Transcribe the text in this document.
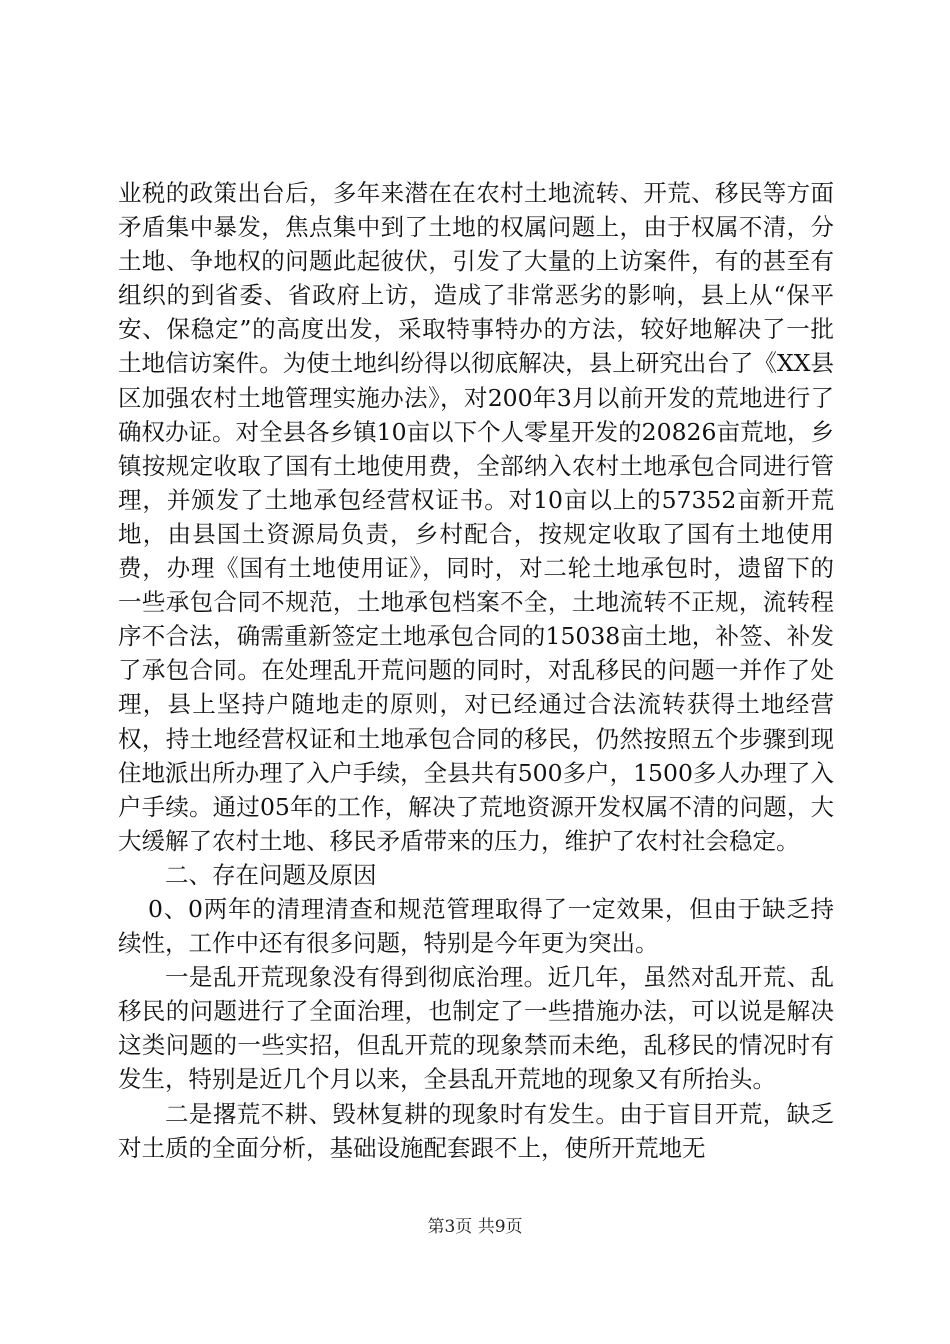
业税的政策出台后，多年来潜在在农村土地流转、开荒、移民等方面矛盾集中暴发，焦点集中到了土地的权属问题上，由于权属不清，分土地、争地权的问题此起彼伏，引发了大量的上访案件，有的甚至有组织的到省委、省政府上访，造成了非常恶劣的影响，县上从“保平安、保稳定”的高度出发，采取特事特办的方法，较好地解决了一批土地信访案件。为使土地纠纷得以彻底解决，县上研究出台了《XX县区加强农村土地管理实施办法》，对200年3月以前开发的荒地进行了确权办证。对全县各乡镇10亩以下个人零星开发的20826亩荒地，乡镇按规定收取了国有土地使用费，全部纳入农村土地承包合同进行管理，并颁发了土地承包经营权证书。对10亩以上的57352亩新开荒地，由县国土资源局负责，乡村配合，按规定收取了国有土地使用费，办理《国有土地使用证》，同时，对二轮土地承包时，遗留下的一些承包合同不规范，土地承包档案不全，土地流转不正规，流转程序不合法，确需重新签定土地承包合同的15038亩土地，补签、补发了承包合同。在处理乱开荒问题的同时，对乱移民的问题一并作了处理，县上坚持户随地走的原则，对已经通过合法流转获得土地经营权，持土地经营权证和土地承包合同的移民，仍然按照五个步骤到现住地派出所办理了入户手续，全县共有500多户，1500多人办理了入户手续。通过05年的工作，解决了荒地资源开发权属不清的问题，大大缓解了农村土地、移民矛盾带来的压力，维护了农村社会稳定。

二、存在问题及原因

0、0两年的清理清查和规范管理取得了一定效果，但由于缺乏持续性，工作中还有很多问题，特别是今年更为突出。

一是乱开荒现象没有得到彻底治理。近几年，虽然对乱开荒、乱移民的问题进行了全面治理，也制定了一些措施办法，可以说是解决这类问题的一些实招，但乱开荒的现象禁而未绝，乱移民的情况时有发生，特别是近几个月以来，全县乱开荒地的现象又有所抬头。

二是撂荒不耕、毁林复耕的现象时有发生。由于盲目开荒，缺乏对土质的全面分析，基础设施配套跟不上，使所开荒地无

第3页 共9页
